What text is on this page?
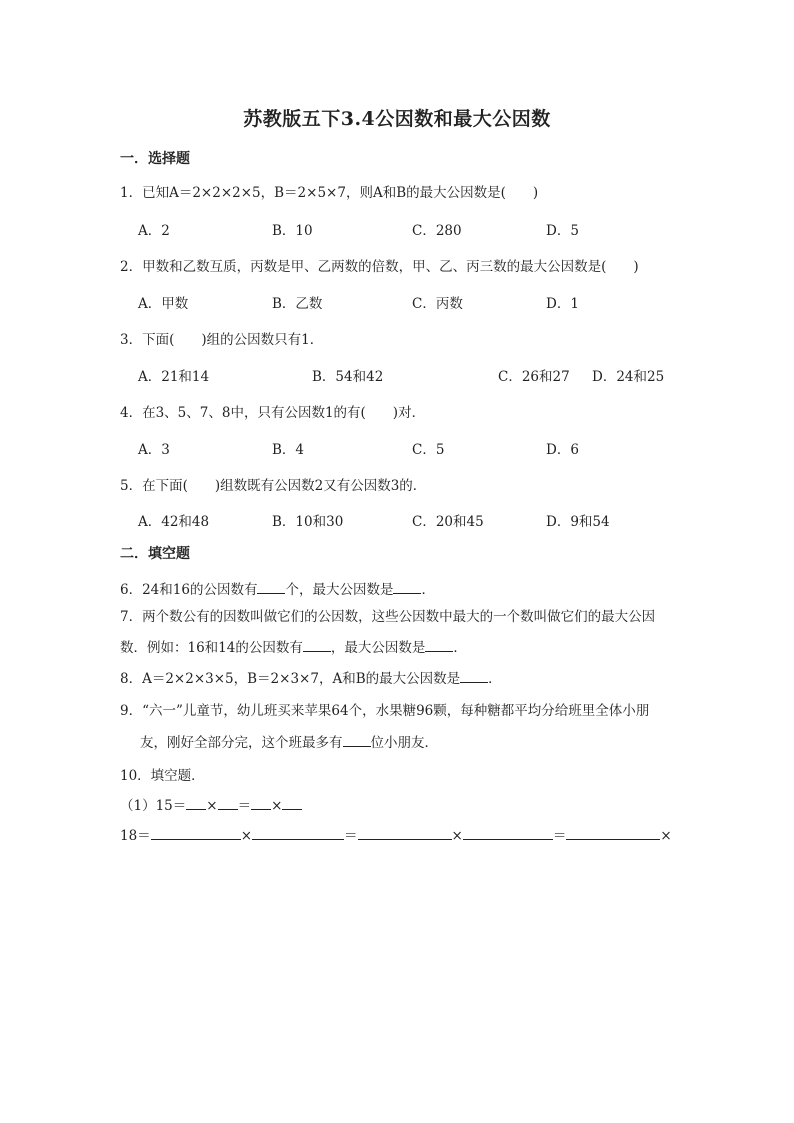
苏教版五下3.4公因数和最大公因数
一．选择题
1．已知A＝2×2×2×5，B＝2×5×7，则A和B的最大公因数是(　　)
A．2	B．10	C．280	D．5
2．甲数和乙数互质，丙数是甲、乙两数的倍数，甲、乙、丙三数的最大公因数是(　　)
A．甲数	B．乙数	C．丙数	D．1
3．下面(　　)组的公因数只有1．
A．21和14	B．54和42	C．26和27 D．24和25
4．在3、5、7、8中，只有公因数1的有(　　)对．
A．3	B．4	C．5	D．6
5．在下面(　　)组数既有公因数2又有公因数3的．
A．42和48	B．10和30	C．20和45	D．9和54
二．填空题
6．24和16的公因数有 个，最大公因数是 ．
7．两个数公有的因数叫做它们的公因数，这些公因数中最大的一个数叫做它们的最大公因
数．例如：16和14的公因数有 ，最大公因数是 ．
8．A＝2×2×3×5，B＝2×3×7，A和B的最大公因数是 ．
9．“六一”儿童节，幼儿班买来苹果64个，水果糖96颗，每种糖都平均分给班里全体小朋
友，刚好全部分完，这个班最多有 位小朋友．
10．填空题．
（1）15＝ × ＝ ×
18＝	×	＝	×	＝	×
